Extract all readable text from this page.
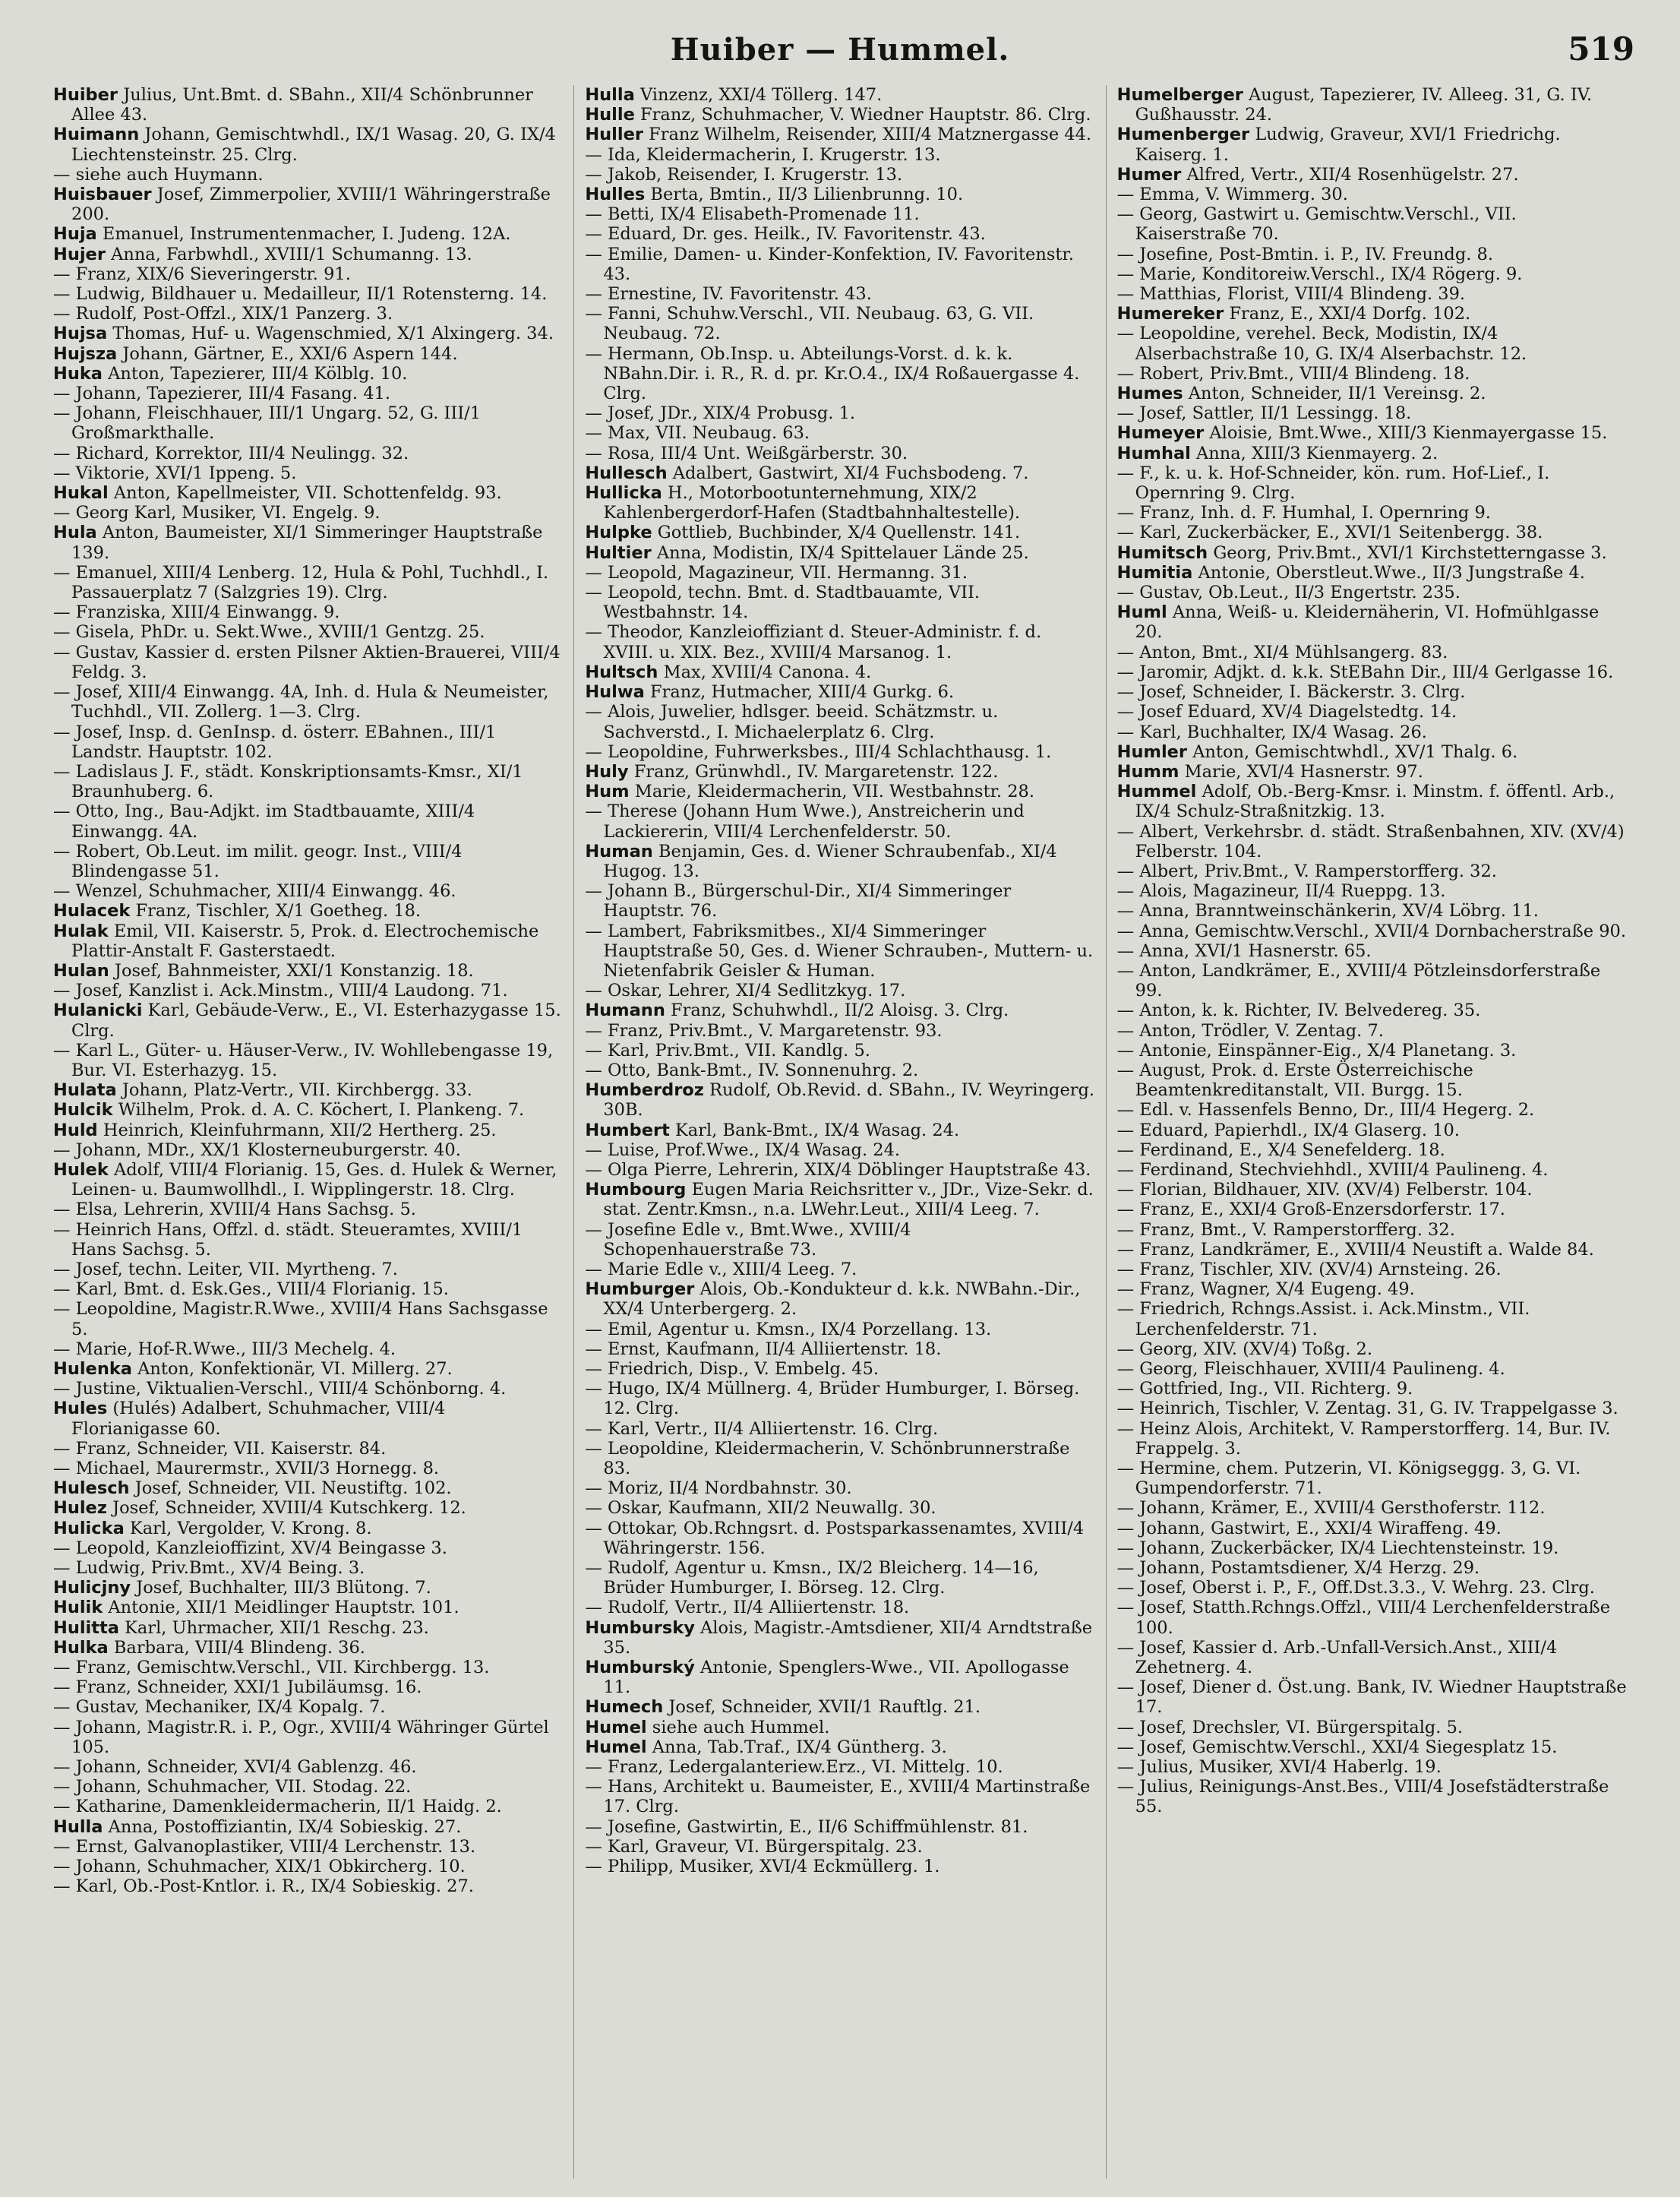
Huiber — Hummel.	519

Huiber Julius, Unt.Bmt. d. SBahn., XII/4 Schönbrunner Allee 43.

Huimann Johann, Gemischtwhdl., IX/1 Wasag. 20, G. IX/4 Liechtensteinstr. 25. Clrg.

— siehe auch Huymann.

Huisbauer Josef, Zimmerpolier, XVIII/1 Währingerstraße 200.

Huja Emanuel, Instrumentenmacher, I. Judeng. 12A.

Hujer Anna, Farbwhdl., XVIII/1 Schumanng. 13.

— Franz, XIX/6 Sieveringerstr. 91.

— Ludwig, Bildhauer u. Medailleur, II/1 Rotensterng. 14.

— Rudolf, Post-Offzl., XIX/1 Panzerg. 3.

Hujsa Thomas, Huf- u. Wagenschmied, X/1 Alxingerg. 34.

Hujsza Johann, Gärtner, E., XXI/6 Aspern 144.

Huka Anton, Tapezierer, III/4 Kölblg. 10.

— Johann, Tapezierer, III/4 Fasang. 41.

— Johann, Fleischhauer, III/1 Ungarg. 52, G. III/1 Großmarkthalle.

— Richard, Korrektor, III/4 Neulingg. 32.

— Viktorie, XVI/1 Ippeng. 5.

Hukal Anton, Kapellmeister, VII. Schottenfeldg. 93.

— Georg Karl, Musiker, VI. Engelg. 9.

Hula Anton, Baumeister, XI/1 Simmeringer Hauptstraße 139.

— Emanuel, XIII/4 Lenberg. 12, Hula & Pohl, Tuchhdl., I. Passauerplatz 7 (Salzgries 19). Clrg.

— Franziska, XIII/4 Einwangg. 9.

— Gisela, PhDr. u. Sekt.Wwe., XVIII/1 Gentzg. 25.

— Gustav, Kassier d. ersten Pilsner Aktien-Brauerei, VIII/4 Feldg. 3.

— Josef, XIII/4 Einwangg. 4A, Inh. d. Hula & Neumeister, Tuchhdl., VII. Zollerg. 1—3. Clrg.

— Josef, Insp. d. GenInsp. d. österr. EBahnen., III/1 Landstr. Hauptstr. 102.

— Ladislaus J. F., städt. Konskriptionsamts-Kmsr., XI/1 Braunhuberg. 6.

— Otto, Ing., Bau-Adjkt. im Stadtbauamte, XIII/4 Einwangg. 4A.

— Robert, Ob.Leut. im milit. geogr. Inst., VIII/4 Blindengasse 51.

— Wenzel, Schuhmacher, XIII/4 Einwangg. 46.

Hulacek Franz, Tischler, X/1 Goetheg. 18.

Hulak Emil, VII. Kaiserstr. 5, Prok. d. Electrochemische Plattir-Anstalt F. Gasterstaedt.

Hulan Josef, Bahnmeister, XXI/1 Konstanzig. 18.

— Josef, Kanzlist i. Ack.Minstm., VIII/4 Laudong. 71.

Hulanicki Karl, Gebäude-Verw., E., VI. Esterhazygasse 15. Clrg.

— Karl L., Güter- u. Häuser-Verw., IV. Wohllebengasse 19, Bur. VI. Esterhazyg. 15.

Hulata Johann, Platz-Vertr., VII. Kirchbergg. 33.

Hulcik Wilhelm, Prok. d. A. C. Köchert, I. Plankeng. 7.

Huld Heinrich, Kleinfuhrmann, XII/2 Hertherg. 25.

— Johann, MDr., XX/1 Klosterneuburgerstr. 40.

Hulek Adolf, VIII/4 Florianig. 15, Ges. d. Hulek & Werner, Leinen- u. Baumwollhdl., I. Wipplingerstr. 18. Clrg.

— Elsa, Lehrerin, XVIII/4 Hans Sachsg. 5.

— Heinrich Hans, Offzl. d. städt. Steueramtes, XVIII/1 Hans Sachsg. 5.

— Josef, techn. Leiter, VII. Myrtheng. 7.

— Karl, Bmt. d. Esk.Ges., VIII/4 Florianig. 15.

— Leopoldine, Magistr.R.Wwe., XVIII/4 Hans Sachsgasse 5.

— Marie, Hof-R.Wwe., III/3 Mechelg. 4.

Hulenka Anton, Konfektionär, VI. Millerg. 27.

— Justine, Viktualien-Verschl., VIII/4 Schönborng. 4.

Hules (Hulés) Adalbert, Schuhmacher, VIII/4 Florianigasse 60.

— Franz, Schneider, VII. Kaiserstr. 84.

— Michael, Maurermstr., XVII/3 Hornegg. 8.

Hulesch Josef, Schneider, VII. Neustiftg. 102.

Hulez Josef, Schneider, XVIII/4 Kutschkerg. 12.

Hulicka Karl, Vergolder, V. Krong. 8.

— Leopold, Kanzleioffizint, XV/4 Beingasse 3.

— Ludwig, Priv.Bmt., XV/4 Being. 3.

Hulicjny Josef, Buchhalter, III/3 Blütong. 7.

Hulik Antonie, XII/1 Meidlinger Hauptstr. 101.

Hulitta Karl, Uhrmacher, XII/1 Reschg. 23.

Hulka Barbara, VIII/4 Blindeng. 36.

— Franz, Gemischtw.Verschl., VII. Kirchbergg. 13.

— Franz, Schneider, XXI/1 Jubiläumsg. 16.

— Gustav, Mechaniker, IX/4 Kopalg. 7.

— Johann, Magistr.R. i. P., Ogr., XVIII/4 Währinger Gürtel 105.

— Johann, Schneider, XVI/4 Gablenzg. 46.

— Johann, Schuhmacher, VII. Stodag. 22.

— Katharine, Damenkleidermacherin, II/1 Haidg. 2.

Hulla Anna, Postoffiziantin, IX/4 Sobieskig. 27.

— Ernst, Galvanoplastiker, VIII/4 Lerchenstr. 13.

— Johann, Schuhmacher, XIX/1 Obkircherg. 10.

— Karl, Ob.-Post-Kntlor. i. R., IX/4 Sobieskig. 27.

Hulla Vinzenz, XXI/4 Töllerg. 147.

Hulle Franz, Schuhmacher, V. Wiedner Hauptstr. 86. Clrg.

Huller Franz Wilhelm, Reisender, XIII/4 Matznergasse 44.

— Ida, Kleidermacherin, I. Krugerstr. 13.

— Jakob, Reisender, I. Krugerstr. 13.

Hulles Berta, Bmtin., II/3 Lilienbrunng. 10.

— Betti, IX/4 Elisabeth-Promenade 11.

— Eduard, Dr. ges. Heilk., IV. Favoritenstr. 43.

— Emilie, Damen- u. Kinder-Konfektion, IV. Favoritenstr. 43.

— Ernestine, IV. Favoritenstr. 43.

— Fanni, Schuhw.Verschl., VII. Neubaug. 63, G. VII. Neubaug. 72.

— Hermann, Ob.Insp. u. Abteilungs-Vorst. d. k. k. NBahn.Dir. i. R., R. d. pr. Kr.O.4., IX/4 Roßauergasse 4. Clrg.

— Josef, JDr., XIX/4 Probusg. 1.

— Max, VII. Neubaug. 63.

— Rosa, III/4 Unt. Weißgärberstr. 30.

Hullesch Adalbert, Gastwirt, XI/4 Fuchsbodeng. 7.

Hullicka H., Motorbootunternehmung, XIX/2 Kahlenbergerdorf-Hafen (Stadtbahnhaltestelle).

Hulpke Gottlieb, Buchbinder, X/4 Quellenstr. 141.

Hultier Anna, Modistin, IX/4 Spittelauer Lände 25.

— Leopold, Magazineur, VII. Hermanng. 31.

— Leopold, techn. Bmt. d. Stadtbauamte, VII. Westbahnstr. 14.

— Theodor, Kanzleioffiziant d. Steuer-Administr. f. d. XVIII. u. XIX. Bez., XVIII/4 Marsanog. 1.

Hultsch Max, XVIII/4 Canona. 4.

Hulwa Franz, Hutmacher, XIII/4 Gurkg. 6.

— Alois, Juwelier, hdlsger. beeid. Schätzmstr. u. Sachverstd., I. Michaelerplatz 6. Clrg.

— Leopoldine, Fuhrwerksbes., III/4 Schlachthausg. 1.

Huly Franz, Grünwhdl., IV. Margaretenstr. 122.

Hum Marie, Kleidermacherin, VII. Westbahnstr. 28.

— Therese (Johann Hum Wwe.), Anstreicherin und Lackiererin, VIII/4 Lerchenfelderstr. 50.

Human Benjamin, Ges. d. Wiener Schraubenfab., XI/4 Hugog. 13.

— Johann B., Bürgerschul-Dir., XI/4 Simmeringer Hauptstr. 76.

— Lambert, Fabriksmitbes., XI/4 Simmeringer Hauptstraße 50, Ges. d. Wiener Schrauben-, Muttern- u. Nietenfabrik Geisler & Human.

— Oskar, Lehrer, XI/4 Sedlitzkyg. 17.

Humann Franz, Schuhwhdl., II/2 Aloisg. 3. Clrg.

— Franz, Priv.Bmt., V. Margaretenstr. 93.

— Karl, Priv.Bmt., VII. Kandlg. 5.

— Otto, Bank-Bmt., IV. Sonnenuhrg. 2.

Humberdroz Rudolf, Ob.Revid. d. SBahn., IV. Weyringerg. 30B.

Humbert Karl, Bank-Bmt., IX/4 Wasag. 24.

— Luise, Prof.Wwe., IX/4 Wasag. 24.

— Olga Pierre, Lehrerin, XIX/4 Döblinger Hauptstraße 43.

Humbourg Eugen Maria Reichsritter v., JDr., Vize-Sekr. d. stat. Zentr.Kmsn., n.a. LWehr.Leut., XIII/4 Leeg. 7.

— Josefine Edle v., Bmt.Wwe., XVIII/4 Schopenhauerstraße 73.

— Marie Edle v., XIII/4 Leeg. 7.

Humburger Alois, Ob.-Kondukteur d. k.k. NWBahn.-Dir., XX/4 Unterbergerg. 2.

— Emil, Agentur u. Kmsn., IX/4 Porzellang. 13.

— Ernst, Kaufmann, II/4 Alliiertenstr. 18.

— Friedrich, Disp., V. Embelg. 45.

— Hugo, IX/4 Müllnerg. 4, Brüder Humburger, I. Börseg. 12. Clrg.

— Karl, Vertr., II/4 Alliiertenstr. 16. Clrg.

— Leopoldine, Kleidermacherin, V. Schönbrunnerstraße 83.

— Moriz, II/4 Nordbahnstr. 30.

— Oskar, Kaufmann, XII/2 Neuwallg. 30.

— Ottokar, Ob.Rchngsrt. d. Postsparkassenamtes, XVIII/4 Währingerstr. 156.

— Rudolf, Agentur u. Kmsn., IX/2 Bleicherg. 14—16, Brüder Humburger, I. Börseg. 12. Clrg.

— Rudolf, Vertr., II/4 Alliiertenstr. 18.

Humbursky Alois, Magistr.-Amtsdiener, XII/4 Arndtstraße 35.

Humburský Antonie, Spenglers-Wwe., VII. Apollogasse 11.

Humech Josef, Schneider, XVII/1 Rauftlg. 21.

Humel siehe auch Hummel.

Humel Anna, Tab.Traf., IX/4 Güntherg. 3.

— Franz, Ledergalanteriew.Erz., VI. Mittelg. 10.

— Hans, Architekt u. Baumeister, E., XVIII/4 Martinstraße 17. Clrg.

— Josefine, Gastwirtin, E., II/6 Schiffmühlenstr. 81.

— Karl, Graveur, VI. Bürgerspitalg. 23.

— Philipp, Musiker, XVI/4 Eckmüllerg. 1.

Humelberger August, Tapezierer, IV. Alleeg. 31, G. IV. Gußhausstr. 24.

Humenberger Ludwig, Graveur, XVI/1 Friedrichg. Kaiserg. 1.

Humer Alfred, Vertr., XII/4 Rosenhügelstr. 27.

— Emma, V. Wimmerg. 30.

— Georg, Gastwirt u. Gemischtw.Verschl., VII. Kaiserstraße 70.

— Josefine, Post-Bmtin. i. P., IV. Freundg. 8.

— Marie, Konditoreiw.Verschl., IX/4 Rögerg. 9.

— Matthias, Florist, VIII/4 Blindeng. 39.

Humereker Franz, E., XXI/4 Dorfg. 102.

— Leopoldine, verehel. Beck, Modistin, IX/4 Alserbachstraße 10, G. IX/4 Alserbachstr. 12.

— Robert, Priv.Bmt., VIII/4 Blindeng. 18.

Humes Anton, Schneider, II/1 Vereinsg. 2.

— Josef, Sattler, II/1 Lessingg. 18.

Humeyer Aloisie, Bmt.Wwe., XIII/3 Kienmayergasse 15.

Humhal Anna, XIII/3 Kienmayerg. 2.

— F., k. u. k. Hof-Schneider, kön. rum. Hof-Lief., I. Opernring 9. Clrg.

— Franz, Inh. d. F. Humhal, I. Opernring 9.

— Karl, Zuckerbäcker, E., XVI/1 Seitenbergg. 38.

Humitsch Georg, Priv.Bmt., XVI/1 Kirchstetterngasse 3.

Humitia Antonie, Oberstleut.Wwe., II/3 Jungstraße 4.

— Gustav, Ob.Leut., II/3 Engertstr. 235.

Huml Anna, Weiß- u. Kleidernäherin, VI. Hofmühlgasse 20.

— Anton, Bmt., XI/4 Mühlsangerg. 83.

— Jaromir, Adjkt. d. k.k. StEBahn Dir., III/4 Gerlgasse 16.

— Josef, Schneider, I. Bäckerstr. 3. Clrg.

— Josef Eduard, XV/4 Diagelstedtg. 14.

— Karl, Buchhalter, IX/4 Wasag. 26.

Humler Anton, Gemischtwhdl., XV/1 Thalg. 6.

Humm Marie, XVI/4 Hasnerstr. 97.

Hummel Adolf, Ob.-Berg-Kmsr. i. Minstm. f. öffentl. Arb., IX/4 Schulz-Straßnitzkig. 13.

— Albert, Verkehrsbr. d. städt. Straßenbahnen, XIV. (XV/4) Felberstr. 104.

— Albert, Priv.Bmt., V. Ramperstorfferg. 32.

— Alois, Magazineur, II/4 Rueppg. 13.

— Anna, Branntweinschänkerin, XV/4 Löbrg. 11.

— Anna, Gemischtw.Verschl., XVII/4 Dornbacherstraße 90.

— Anna, XVI/1 Hasnerstr. 65.

— Anton, Landkrämer, E., XVIII/4 Pötzleinsdorferstraße 99.

— Anton, k. k. Richter, IV. Belvedereg. 35.

— Anton, Trödler, V. Zentag. 7.

— Antonie, Einspänner-Eig., X/4 Planetang. 3.

— August, Prok. d. Erste Österreichische Beamtenkreditanstalt, VII. Burgg. 15.

— Edl. v. Hassenfels Benno, Dr., III/4 Hegerg. 2.

— Eduard, Papierhdl., IX/4 Glaserg. 10.

— Ferdinand, E., X/4 Senefelderg. 18.

— Ferdinand, Stechviehhdl., XVIII/4 Paulineng. 4.

— Florian, Bildhauer, XIV. (XV/4) Felberstr. 104.

— Franz, E., XXI/4 Groß-Enzersdorferstr. 17.

— Franz, Bmt., V. Ramperstorfferg. 32.

— Franz, Landkrämer, E., XVIII/4 Neustift a. Walde 84.

— Franz, Tischler, XIV. (XV/4) Arnsteing. 26.

— Franz, Wagner, X/4 Eugeng. 49.

— Friedrich, Rchngs.Assist. i. Ack.Minstm., VII. Lerchenfelderstr. 71.

— Georg, XIV. (XV/4) Toßg. 2.

— Georg, Fleischhauer, XVIII/4 Paulineng. 4.

— Gottfried, Ing., VII. Richterg. 9.

— Heinrich, Tischler, V. Zentag. 31, G. IV. Trappelgasse 3.

— Heinz Alois, Architekt, V. Ramperstorfferg. 14, Bur. IV. Frappelg. 3.

— Hermine, chem. Putzerin, VI. Königseggg. 3, G. VI. Gumpendorferstr. 71.

— Johann, Krämer, E., XVIII/4 Gersthoferstr. 112.

— Johann, Gastwirt, E., XXI/4 Wiraffeng. 49.

— Johann, Zuckerbäcker, IX/4 Liechtensteinstr. 19.

— Johann, Postamtsdiener, X/4 Herzg. 29.

— Josef, Oberst i. P., F., Off.Dst.3.3., V. Wehrg. 23. Clrg.

— Josef, Statth.Rchngs.Offzl., VIII/4 Lerchenfelderstraße 100.

— Josef, Kassier d. Arb.-Unfall-Versich.Anst., XIII/4 Zehetnerg. 4.

— Josef, Diener d. Öst.ung. Bank, IV. Wiedner Hauptstraße 17.

— Josef, Drechsler, VI. Bürgerspitalg. 5.

— Josef, Gemischtw.Verschl., XXI/4 Siegesplatz 15.

— Julius, Musiker, XVI/4 Haberlg. 19.

— Julius, Reinigungs-Anst.Bes., VIII/4 Josefstädterstraße 55.
